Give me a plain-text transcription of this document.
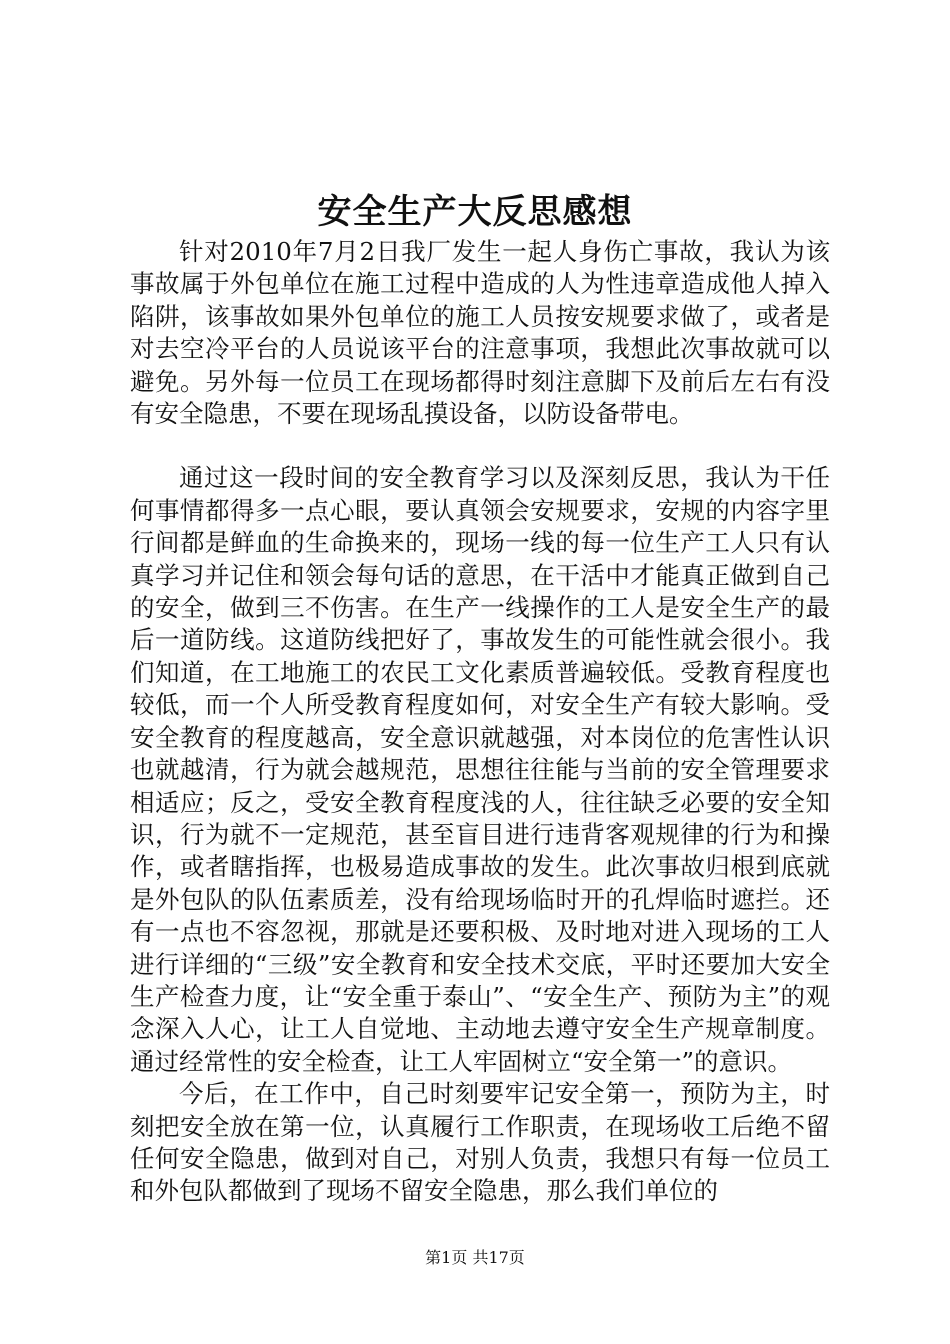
安全生产大反思感想

针对2010年7月2日我厂发生一起人身伤亡事故，我认为该事故属于外包单位在施工过程中造成的人为性违章造成他人掉入陷阱，该事故如果外包单位的施工人员按安规要求做了，或者是对去空冷平台的人员说该平台的注意事项，我想此次事故就可以避免。另外每一位员工在现场都得时刻注意脚下及前后左右有没有安全隐患，不要在现场乱摸设备，以防设备带电。

通过这一段时间的安全教育学习以及深刻反思，我认为干任何事情都得多一点心眼，要认真领会安规要求，安规的内容字里行间都是鲜血的生命换来的，现场一线的每一位生产工人只有认真学习并记住和领会每句话的意思，在干活中才能真正做到自己的安全，做到三不伤害。在生产一线操作的工人是安全生产的最后一道防线。这道防线把好了，事故发生的可能性就会很小。我们知道，在工地施工的农民工文化素质普遍较低。受教育程度也较低，而一个人所受教育程度如何，对安全生产有较大影响。受安全教育的程度越高，安全意识就越强，对本岗位的危害性认识也就越清，行为就会越规范，思想往往能与当前的安全管理要求相适应；反之，受安全教育程度浅的人，往往缺乏必要的安全知识，行为就不一定规范，甚至盲目进行违背客观规律的行为和操作，或者瞎指挥，也极易造成事故的发生。此次事故归根到底就是外包队的队伍素质差，没有给现场临时开的孔焊临时遮拦。还有一点也不容忽视，那就是还要积极、及时地对进入现场的工人进行详细的“三级”安全教育和安全技术交底，平时还要加大安全生产检查力度，让“安全重于泰山”、“安全生产、预防为主”的观念深入人心，让工人自觉地、主动地去遵守安全生产规章制度。通过经常性的安全检查，让工人牢固树立“安全第一”的意识。

今后，在工作中，自己时刻要牢记安全第一，预防为主，时刻把安全放在第一位，认真履行工作职责，在现场收工后绝不留任何安全隐患，做到对自己，对别人负责，我想只有每一位员工和外包队都做到了现场不留安全隐患，那么我们单位的

第1页 共17页
